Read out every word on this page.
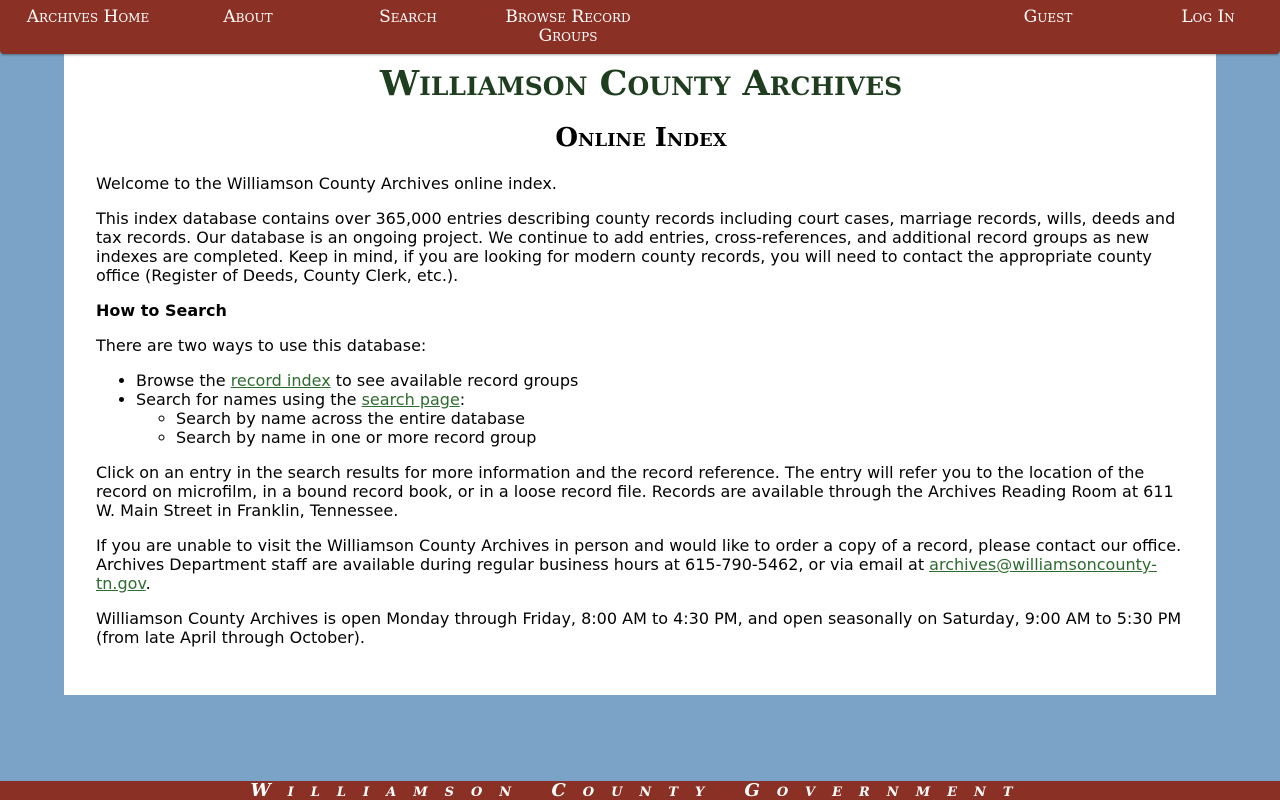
Archives Home	About	Search	Browse Record Groups
Guest	Log In
Williamson County Archives
Online Index

Welcome to the Williamson County Archives online index.

This index database contains over 365,000 entries describing county records including court cases, marriage records, wills, deeds and tax records. Our database is an ongoing project. We continue to add entries, cross-references, and additional record groups as new indexes are completed. Keep in mind, if you are looking for modern county records, you will need to contact the appropriate county office (Register of Deeds, County Clerk, etc.).

How to Search

There are two ways to use this database:

• Browse the record index to see available record groups
• Search for names using the search page:
◦ Search by name across the entire database
◦ Search by name in one or more record group

Click on an entry in the search results for more information and the record reference. The entry will refer you to the location of the record on microfilm, in a bound record book, or in a loose record file. Records are available through the Archives Reading Room at 611 W. Main Street in Franklin, Tennessee.

If you are unable to visit the Williamson County Archives in person and would like to order a copy of a record, please contact our office. Archives Department staff are available during regular business hours at 615-790-5462, or via email at archives@williamsoncounty-tn.gov.

Williamson County Archives is open Monday through Friday, 8:00 AM to 4:30 PM, and open seasonally on Saturday, 9:00 AM to 5:30 PM (from late April through October).

Williamson County Government
